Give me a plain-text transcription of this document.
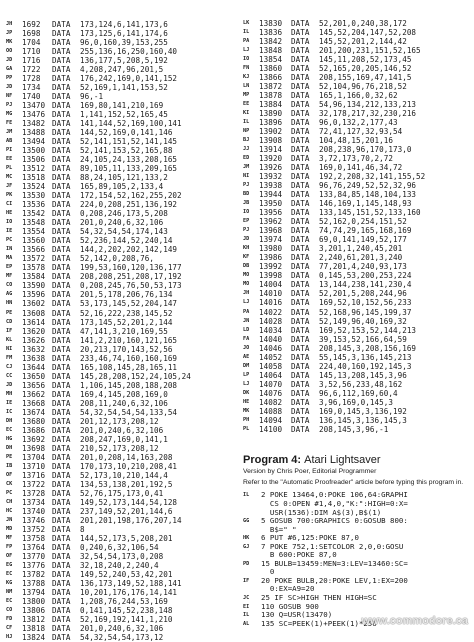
JH	1692	DATA	173,124,6,141,173,6
JP	1698	DATA	173,125,6,141,174,6
MK	1704	DATA	96,0,160,39,153,255
OO	1710	DATA	255,136,16,250,160,40
JD	1716	DATA	136,177,5,208,5,192
GA	1722	DATA	4,208,247,96,201,5
PP	1728	DATA	176,242,169,0,141,152
JD	1734	DATA	52,169,1,141,153,52
NF	1740	DATA	96,-1
PJ	13470 DATA	169,80,141,210,169
MG	13476 DATA	1,141,152,52,165,45
FE	13482 DATA	141,144,52,169,100,141
JM	13488 DATA	144,52,169,0,141,146
AB	13494 DATA	52,141,151,52,141,145
PI	13500 DATA	52,141,153,52,165,88
EE	13506 DATA	24,105,24,133,208,165
PL	13512 DATA	89,105,11,133,209,165
MC	13518 DATA	88,24,105,121,133,2
JF	13524 DATA	165,89,105,2,133,4
PK	13530 DATA	172,154,52,162,255,202
CI	13536 DATA	224,0,208,251,136,192
HE	13542 DATA	0,208,246,173,5,208
IO	13548 DATA	201,0,240,6,32,106
IE	13554 DATA	54,32,54,54,174,143
PC	13560 DATA	52,236,144,52,240,14
IN	13566 DATA	144,2,202,202,142,149
MA	13572 DATA	52,142,0,208,76,
EP	13578 DATA	199,53,160,120,136,177
MF	13584 DATA	208,208,251,208,17,192
CO	13590 DATA	0,208,245,76,50,53,173
AG	13596 DATA	201,5,178,206,76,134
HN	13602 DATA	53,173,145,52,204,147
PE	13608 DATA	52,16,222,238,145,52
CD	13614 DATA	173,145,52,201,2,144
IF	13620 DATA	47,141,3,210,169,55
KL	13626 DATA	141,2,210,160,121,165
NI	13632 DATA	20,213,170,143,52,56
FM	13638 DATA	233,46,74,160,160,169
CJ	13644 DATA	165,108,145,28,165,11
CC	13650 DATA	145,28,208,152,24,105,24
JD	13656 DATA	1,106,145,208,188,208
MH	13662 DATA	169,4,145,208,169,0
IE	13668 DATA	208,11,240,6,32,106
IC	13674 DATA	54,32,54,54,54,133,54
DH	13680 DATA	201,12,173,208,12
EC	13686 DATA	201,0,240,6,32,106
HG	13692 DATA	208,247,169,0,141,1
DH	13698 DATA	210,52,173,208,12
PE	13704 DATA	201,0,208,14,163,208
IB	13710 DATA	170,173,10,210,208,41
OF	13716 DATA	52,173,10,210,144,4
CK	13722 DATA	134,53,138,201,192,5
PC	13728 DATA	52,76,175,173,0,41
CH	13734 DATA	149,52,173,144,54,128
HC	13740 DATA	237,149,52,201,144,6
JN	13746 DATA	201,201,198,176,207,14
MD	13752 DATA	8
MF	13758 DATA	144,52,173,5,208,201
FP	13764 DATA	0,240,6,32,106,54
OF	13770 DATA	32,54,54,173,0,208
EG	13776 DATA	32,18,240,2,240,4
EC	13782 DATA	149,52,240,53,42,201
KG	13788 DATA	136,173,149,52,188,141
NM	13794 DATA	10,201,176,176,14,141
EC	13800 DATA	1,208,76,244,53,169
CO	13806 DATA	0,141,145,52,238,148
FD	13812 DATA	52,169,192,141,1,210
CF	13818 DATA	201,0,240,6,32,106
HJ	13824 DATA	54,32,54,54,173,12
LK	13830	DATA	52,201,0,240,38,172
IL	13836	DATA	145,52,204,147,52,208
PA	13842	DATA	145,52,201,2,144,42
LJ	13848	DATA	201,200,231,151,52,165
IO	13854	DATA	145,11,208,52,173,45
FN	13860	DATA	52,165,20,205,146,52
KJ	13866	DATA	208,155,169,47,141,5
LN	13872	DATA	52,104,96,76,218,52
MP	13878	DATA	165,1,166,0,32,62
EE	13884	DATA	54,96,134,212,133,213
KI	13890	DATA	32,178,217,32,230,216
IL	13896	DATA	96,0,132,2,177,43
NP	13902	DATA	72,41,127,32,93,54
BJ	13908	DATA	104,48,15,201,16
JJ	13914	DATA	208,238,96,170,173,0
ED	13920	DATA	3,72,173,70,2,72
JM	13926	DATA	169,0,141,46,34,72
NI	13932	DATA	192,2,208,32,141,155,52
PJ	13938	DATA	96,76,249,52,52,32,96
BD	13944	DATA	133,84,85,148,104,133
JB	13950	DATA	146,169,1,145,148,93
IO	13956	DATA	133,145,151,52,133,160
EP	13962	DATA	52,162,0,254,151,52
PJ	13968	DATA	74,74,29,165,168,169
JD	13974	DATA	69,0,141,149,52,177
KH	13980	DATA	3,201,1,240,45,201
KF	13986	DATA	2,240,61,201,3,240
DB	13992	DATA	77,201,4,240,93,173
MO	13998	DATA	0,145,53,200,253,224
MO	14004	DATA	13,144,238,141,230,4
JH	14010	DATA	52,201,5,208,244,96
LJ	14016	DATA	169,52,10,152,56,233
PA	14022	DATA	52,168,96,145,199,37
JN	14028	DATA	52,149,96,40,169,32
LD	14034	DATA	169,52,153,52,144,213
FA	14040	DATA	39,153,52,166,64,59
JO	14046	DATA	208,145,3,208,156,169
AE	14052	DATA	55,145,3,136,145,213
DM	14058	DATA	224,40,160,192,145,3
LP	14064	DATA	145,13,208,145,3,96
LJ	14070	DATA	3,52,56,233,48,162
DK	14076	DATA	96,6,112,169,60,4
HE	14082	DATA	3,96,169,0,145,3
MK	14088	DATA	169,0,145,3,136,192
PH	14094	DATA	136,145,3,136,145,3
PL	14100	DATA	208,145,3,96,-1
Program 4: Atari Lightsaver
Version by Chris Poer, Editorial Programmer
Refer to the "Automatic Proofreader" article before typing this program in.
IL	2 POKE 13464,0:POKE 106,64:GRAPHI
CS 0:OPEN #1,4,0,"K:":HIGH=0:X=
USR(1536):DIM A$(3),B$(1)
GG	5 GOSUB 700:GRAPHICS 0:GOSUB 800:
B$=" "
HK	6 PUT #6,125:POKE 87,0
GJ	7 POKE 752,1:SETCOLOR 2,0,0:GOSU
B 600:POKE 87,0
PD	15 BULB=13459:MEN=3:LEV=13460:SC=
0
IF	20 POKE BULB,20:POKE LEV,1:EX=200
0:EX=A9=20
JC	25 IF SC>HIGH THEN HIGH=SC
EI	110 GOSUB 900
IL	130 Q=USR(13470)
AL	135 SC=PEEK(1)+PEEK(1)*256
www.commodore.ca
